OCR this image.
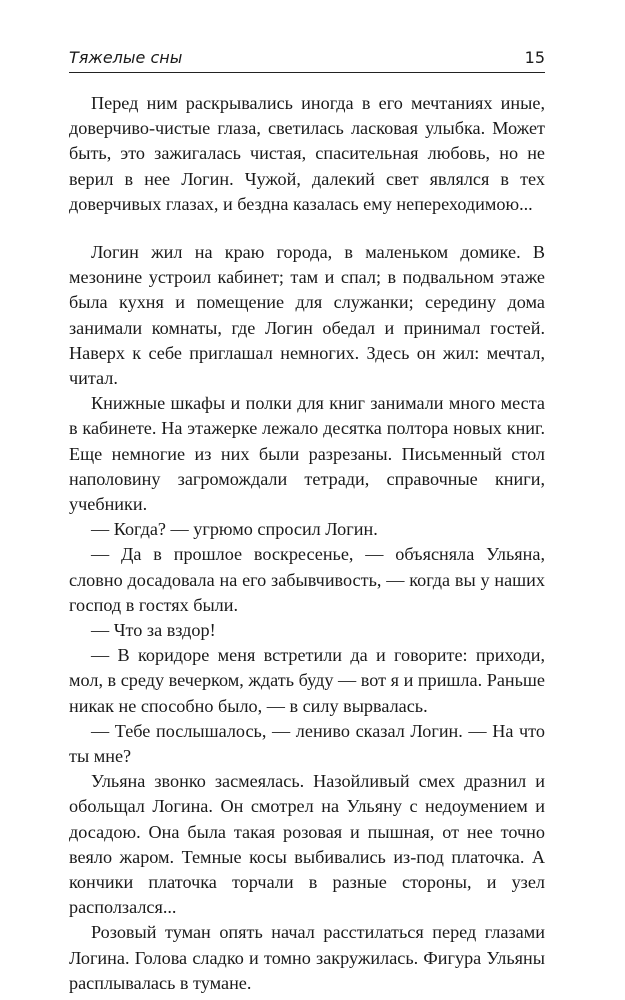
Тяжелые сны	15

Перед ним раскрывались иногда в его мечтаниях иные, доверчиво-чистые глаза, светилась ласковая улыбка. Может быть, это зажигалась чистая, спасительная любовь, но не верил в нее Логин. Чужой, далекий свет являлся в тех доверчивых глазах, и бездна казалась ему непереходимою...

Логин жил на краю города, в маленьком домике. В мезонине устроил кабинет; там и спал; в подвальном этаже была кухня и помещение для служанки; середину дома занимали комнаты, где Логин обедал и принимал гостей. Наверх к себе приглашал немногих. Здесь он жил: мечтал, читал.

Книжные шкафы и полки для книг занимали много места в кабинете. На этажерке лежало десятка полтора новых книг. Еще немногие из них были разрезаны. Письменный стол наполовину загромождали тетради, справочные книги, учебники.

— Когда? — угрюмо спросил Логин.

— Да в прошлое воскресенье, — объясняла Ульяна, словно досадовала на его забывчивость, — когда вы у наших господ в гостях были.

— Что за вздор!

— В коридоре меня встретили да и говорите: приходи, мол, в среду вечерком, ждать буду — вот я и пришла. Раньше никак не способно было, — в силу вырвалась.

— Тебе послышалось, — лениво сказал Логин. — На что ты мне?

Ульяна звонко засмеялась. Назойливый смех дразнил и обольщал Логина. Он смотрел на Ульяну с недоумением и досадою. Она была такая розовая и пышная, от нее точно веяло жаром. Темные косы выбивались из-под платочка. А кончики платочка торчали в разные стороны, и узел расползался...

Розовый туман опять начал расстилаться перед глазами Логина. Голова сладко и томно закружилась. Фигура Ульяны расплывалась в тумане.
